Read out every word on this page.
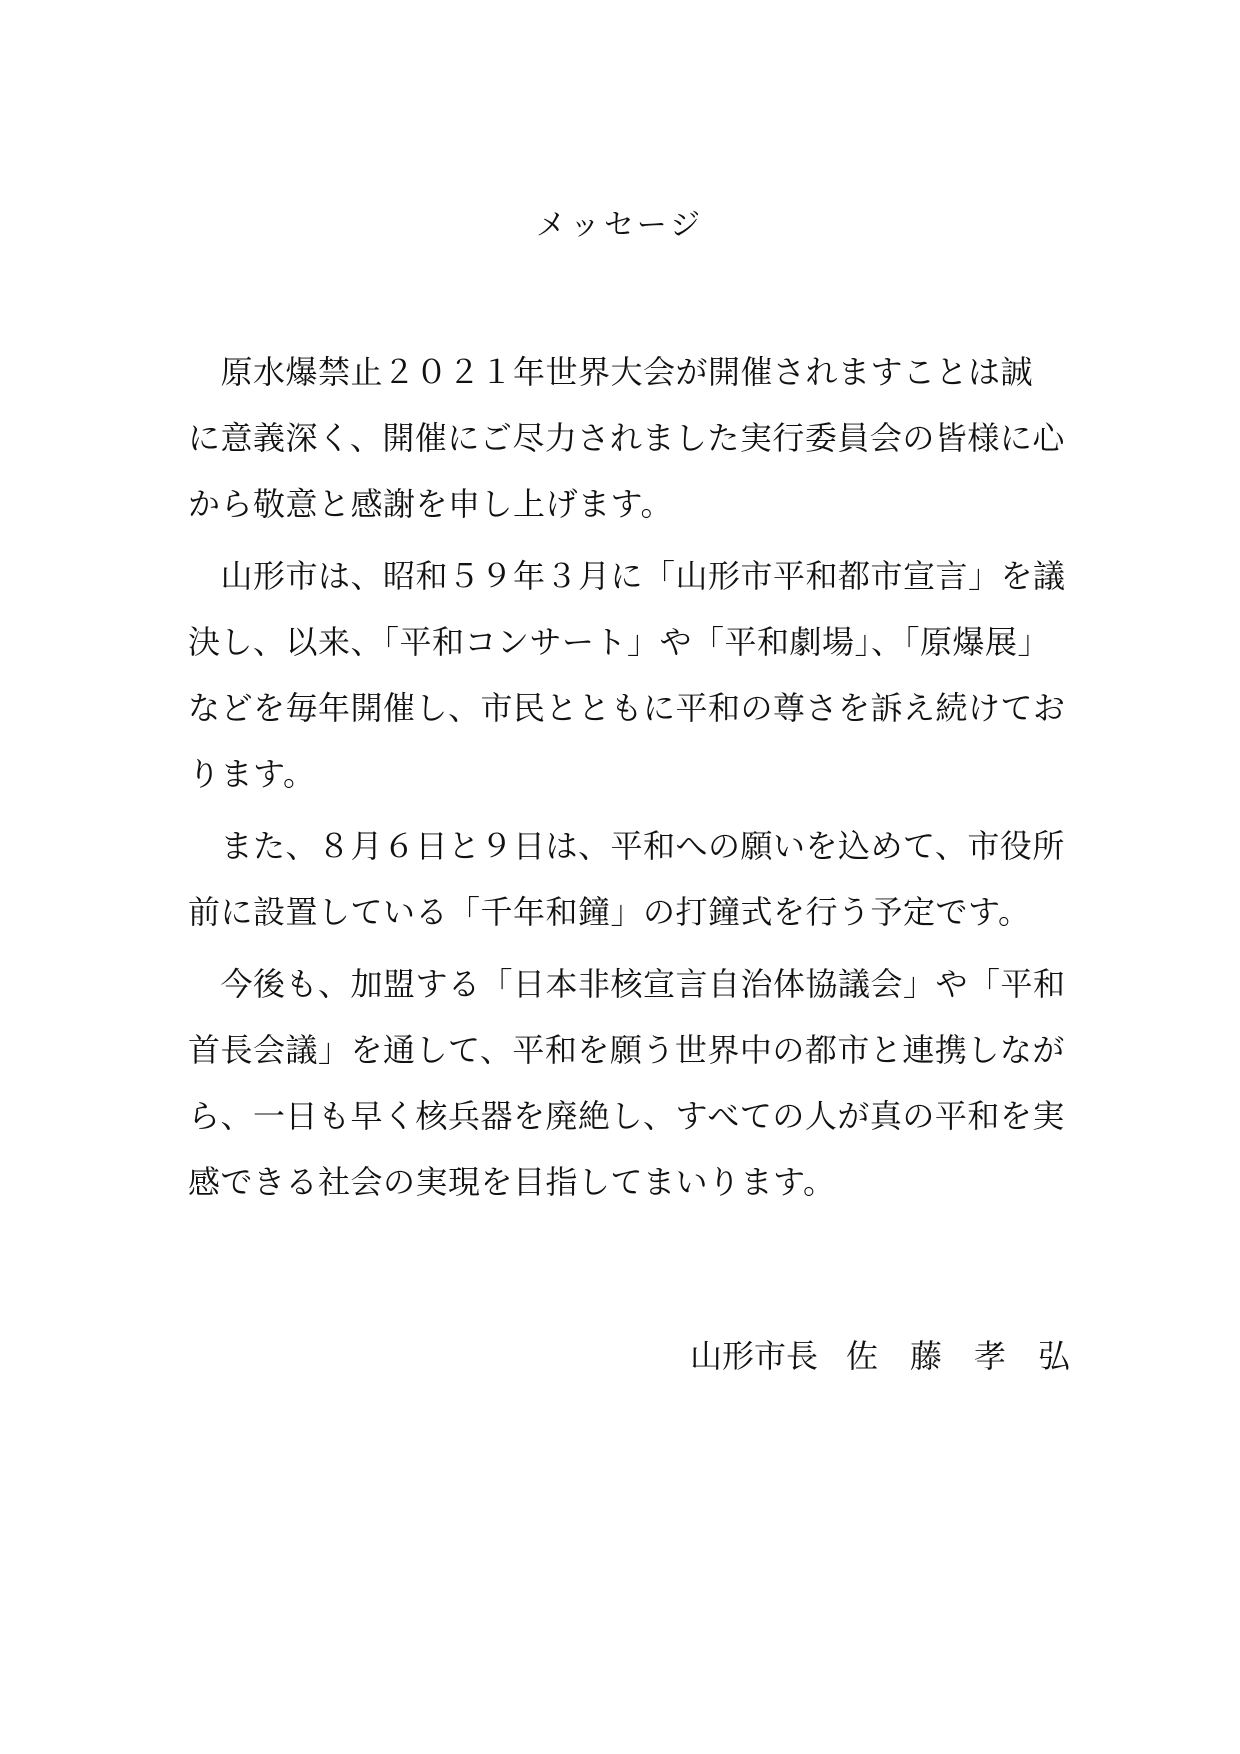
メッセージ
　原水爆禁止２０２１年世界大会が開催されますことは誠
に意義深く、開催にご尽力されました実行委員会の皆様に心
から敬意と感謝を申し上げます。
　山形市は、昭和５９年３月に「山形市平和都市宣言」を議
決し、以来、「平和コンサート」や「平和劇場」、「原爆展」
などを毎年開催し、市民とともに平和の尊さを訴え続けてお
ります。
　また、８月６日と９日は、平和への願いを込めて、市役所
前に設置している「千年和鐘」の打鐘式を行う予定です。
　今後も、加盟する「日本非核宣言自治体協議会」や「平和
首長会議」を通して、平和を願う世界中の都市と連携しなが
ら、一日も早く核兵器を廃絶し、すべての人が真の平和を実
感できる社会の実現を目指してまいります。
山形市長 佐　藤　孝　弘
